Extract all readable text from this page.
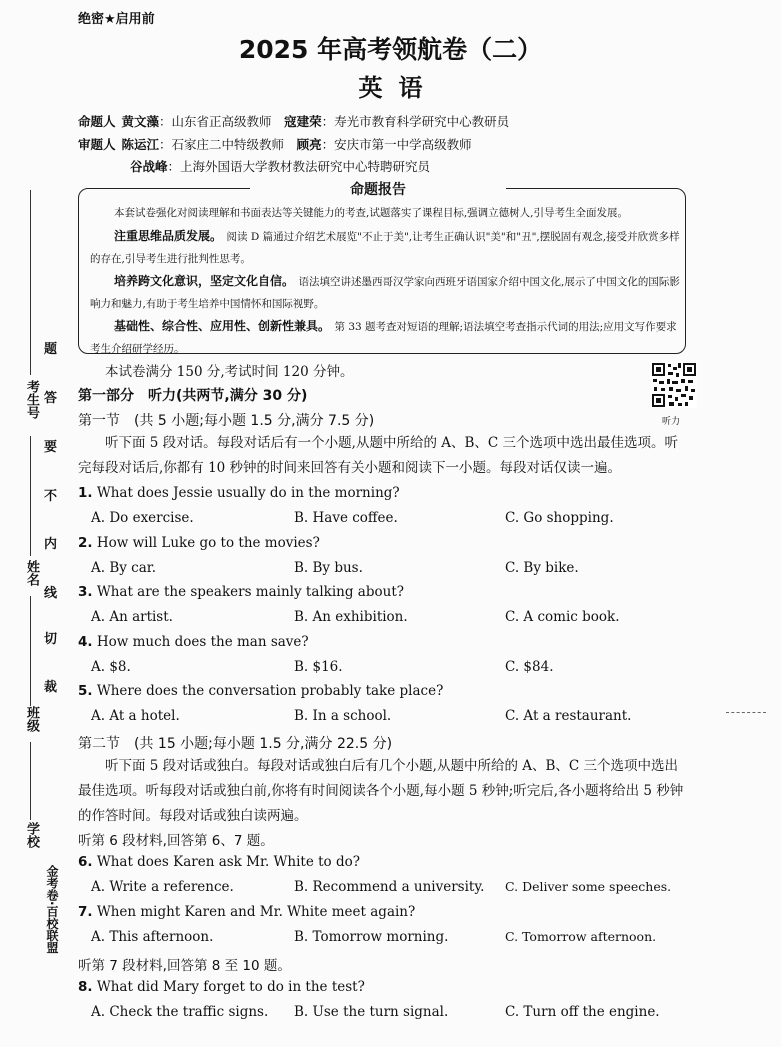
绝密★启用前
2025 年高考领航卷（二）
英语
命题人 黄文藻：山东省正高级教师　 寇建荣：寿光市教育科学研究中心教研员
审题人 陈运江：石家庄二中特级教师　 顾亮：安庆市第一中学高级教师
谷战峰：上海外国语大学教材教法研究中心特聘研究员
命题报告
本套试卷强化对阅读理解和书面表达等关键能力的考查,试题落实了课程目标,强调立德树人,引导考生全面发展。
注重思维品质发展。　 阅读 D 篇通过介绍艺术展览"不止于美",让考生正确认识"美"和"丑",摆脱固有观念,接受并欣赏多样的存在,引导考生进行批判性思考。
培养跨文化意识，坚定文化自信。　 语法填空讲述墨西哥汉学家向西班牙语国家介绍中国文化,展示了中国文化的国际影响力和魅力,有助于考生培养中国情怀和国际视野。
基础性、综合性、应用性、创新性兼具。　 第 33 题考查对短语的理解;语法填空考查指示代词的用法;应用文写作要求考生介绍研学经历。
本试卷满分 150 分,考试时间 120 分钟。
听力
第一部分　听力(共两节,满分 30 分)
第一节　(共 5 小题;每小题 1.5 分,满分 7.5 分)
听下面 5 段对话。每段对话后有一个小题,从题中所给的 A、B、C 三个选项中选出最佳选项。听完每段对话后,你都有 10 秒钟的时间来回答有关小题和阅读下一小题。每段对话仅读一遍。
1. What does Jessie usually do in the morning?
A. Do exercise.	B. Have coffee.	C. Go shopping.
2. How will Luke go to the movies?
A. By car.	B. By bus.	C. By bike.
3. What are the speakers mainly talking about?
A. An artist.	B. An exhibition.	C. A comic book.
4. How much does the man save?
A. $8.	B. $16.	C. $84.
5. Where does the conversation probably take place?
A. At a hotel.	B. In a school.	C. At a restaurant.
第二节　(共 15 小题;每小题 1.5 分,满分 22.5 分)
听下面 5 段对话或独白。每段对话或独白后有几个小题,从题中所给的 A、B、C 三个选项中选出最佳选项。听每段对话或独白前,你将有时间阅读各个小题,每小题 5 秒钟;听完后,各小题将给出 5 秒钟的作答时间。每段对话或独白读两遍。
听第 6 段材料,回答第 6、7 题。
6. What does Karen ask Mr. White to do?
A. Write a reference.	B. Recommend a university. C. Deliver some speeches.
7. When might Karen and Mr. White meet again?
A. This afternoon.	B. Tomorrow morning.	C. Tomorrow afternoon.
听第 7 段材料,回答第 8 至 10 题。
8. What did Mary forget to do in the test?
A. Check the traffic signs. B. Use the turn signal.	C. Turn off the engine.
考生号
姓名
班级
学校
金考卷·百校联盟
题
答
要
不
内
线
切
裁
